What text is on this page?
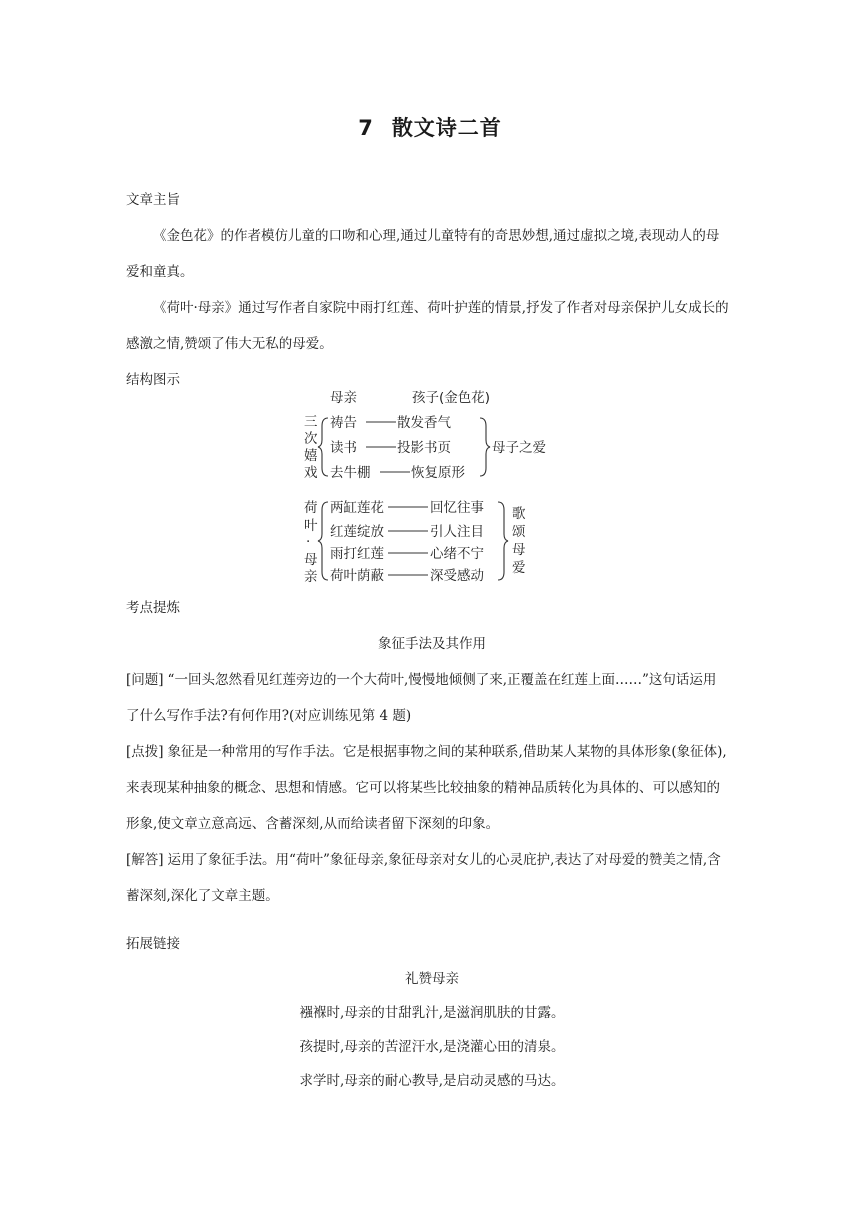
7 散文诗二首
文章主旨
《金色花》的作者模仿儿童的口吻和心理,通过儿童特有的奇思妙想,通过虚拟之境,表现动人的母
爱和童真。
《荷叶·母亲》通过写作者自家院中雨打红莲、荷叶护莲的情景,抒发了作者对母亲保护儿女成长的
感激之情,赞颂了伟大无私的母爱。
结构图示
母亲	孩子(金色花)
三
次
嬉
戏
祷告	散发香气
读书	投影书页
去牛棚	恢复原形
母子之爱
荷
叶
·
母
亲
两缸莲花	回忆往事
红莲绽放	引人注目
雨打红莲	心绪不宁
荷叶荫蔽	深受感动
歌
颂
母
爱
考点提炼
象征手法及其作用
[问题] “一回头忽然看见红莲旁边的一个大荷叶,慢慢地倾侧了来,正覆盖在红莲上面……”这句话运用
了什么写作手法?有何作用?(对应训练见第 4 题)
[点拨] 象征是一种常用的写作手法。它是根据事物之间的某种联系,借助某人某物的具体形象(象征体),
来表现某种抽象的概念、思想和情感。它可以将某些比较抽象的精神品质转化为具体的、可以感知的
形象,使文章立意高远、含蓄深刻,从而给读者留下深刻的印象。
[解答] 运用了象征手法。用“荷叶”象征母亲,象征母亲对女儿的心灵庇护,表达了对母爱的赞美之情,含
蓄深刻,深化了文章主题。
拓展链接
礼赞母亲
襁褓时,母亲的甘甜乳汁,是滋润肌肤的甘露。
孩提时,母亲的苦涩汗水,是浇灌心田的清泉。
求学时,母亲的耐心教导,是启动灵感的马达。
